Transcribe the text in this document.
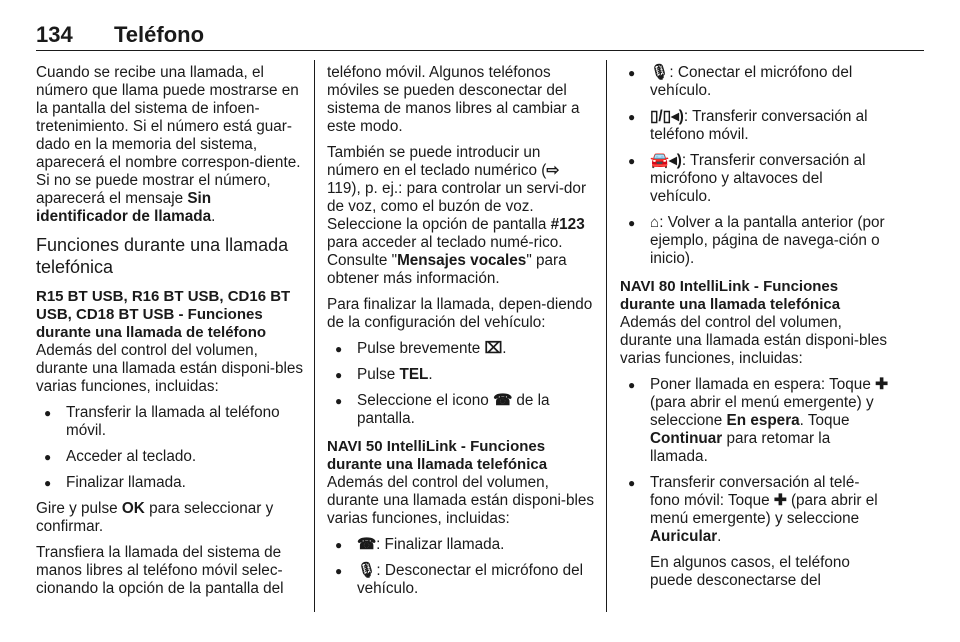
134 Teléfono

Cuando se recibe una llamada, el número que llama puede mostrarse en la pantalla del sistema de infoen-tretenimiento. Si el número está guar-dado en la memoria del sistema, aparecerá el nombre correspon-diente. Si no se puede mostrar el número, aparecerá el mensaje Sin identificador de llamada.

Funciones durante una llamada telefónica
R15 BT USB, R16 BT USB, CD16 BT USB, CD18 BT USB - Funciones durante una llamada de teléfono

Además del control del volumen, durante una llamada están disponi-bles varias funciones, incluidas:

● Transferir la llamada al teléfono móvil.
● Acceder al teclado.
● Finalizar llamada.

Gire y pulse OK para seleccionar y confirmar.

Transfiera la llamada del sistema de manos libres al teléfono móvil selec-cionando la opción de la pantalla del

teléfono móvil. Algunos teléfonos móviles se pueden desconectar del sistema de manos libres al cambiar a este modo.

También se puede introducir un número en el teclado numérico (⇨ 119), p. ej.: para controlar un servi-dor de voz, como el buzón de voz. Seleccione la opción de pantalla #123 para acceder al teclado numé-rico. Consulte "Mensajes vocales" para obtener más información.

Para finalizar la llamada, depen-diendo de la configuración del vehículo:

● Pulse brevemente ⌧.
● Pulse TEL.
● Seleccione el icono ☎ de la pantalla.
NAVI 50 IntelliLink - Funciones durante una llamada telefónica

Además del control del volumen, durante una llamada están disponi-bles varias funciones, incluidas:

● ☎: Finalizar llamada.
● 🎙: Desconectar el micrófono del vehículo.
● 🎙: Conectar el micrófono del vehículo.
● ▯/▯◂): Transferir conversación al teléfono móvil.
● 🚘◂): Transferir conversación al micrófono y altavoces del vehículo.
● ⌂: Volver a la pantalla anterior (por ejemplo, página de navega-ción o inicio).
NAVI 80 IntelliLink - Funciones durante una llamada telefónica

Además del control del volumen, durante una llamada están disponi-bles varias funciones, incluidas:

● Poner llamada en espera: Toque ✚ (para abrir el menú emergente) y seleccione En espera. Toque Continuar para retomar la llamada.
● Transferir conversación al telé-fono móvil: Toque ✚ (para abrir el menú emergente) y seleccione Auricular.

En algunos casos, el teléfono puede desconectarse del
